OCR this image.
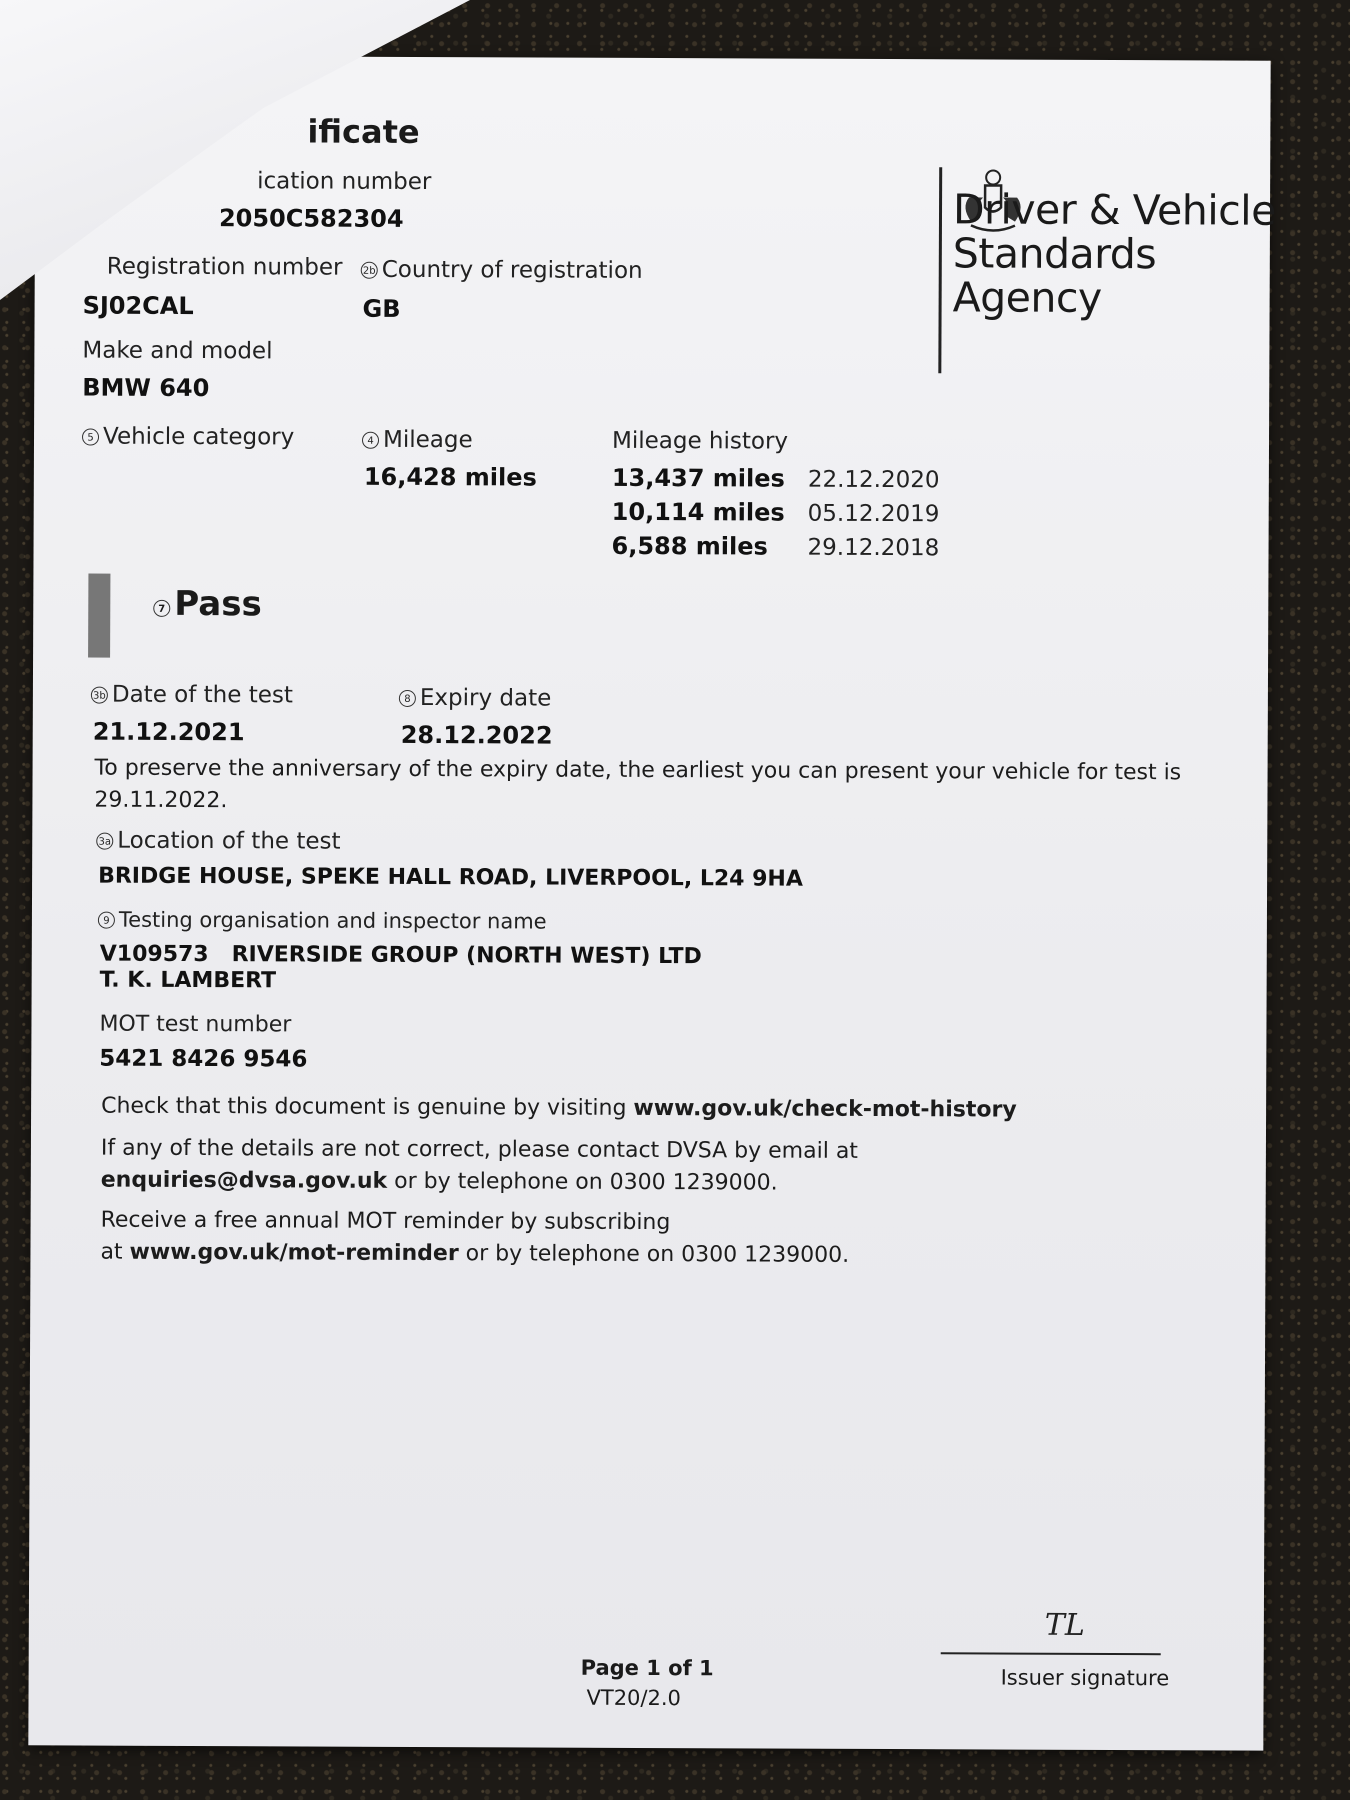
ificate
ication number
2050C582304	Driver & Vehicle
Standards
Agency
Registration number
SJ02CAL
2b Country of registration
GB
Make and model
BMW 640
5 Vehicle category	4 Mileage
16,428 miles
Mileage history
13,437 miles 22.12.2020
10,114 miles 05.12.2019
6,588 miles 29.12.2018
7 Pass
3b Date of the test
21.12.2021
8 Expiry date
28.12.2022
To preserve the anniversary of the expiry date, the earliest you can present your vehicle for test is
29.11.2022.
3a Location of the test
BRIDGE HOUSE, SPEKE HALL ROAD, LIVERPOOL, L24 9HA
9 Testing organisation and inspector name
V109573 RIVERSIDE GROUP (NORTH WEST) LTD
T. K. LAMBERT
MOT test number
5421 8426 9546
Check that this document is genuine by visiting www.gov.uk/check-mot-history
If any of the details are not correct, please contact DVSA by email at
enquiries@dvsa.gov.uk or by telephone on 0300 1239000.
Receive a free annual MOT reminder by subscribing
at www.gov.uk/mot-reminder or by telephone on 0300 1239000.
Page 1 of 1
VT20/2.0
TL
Issuer signature
